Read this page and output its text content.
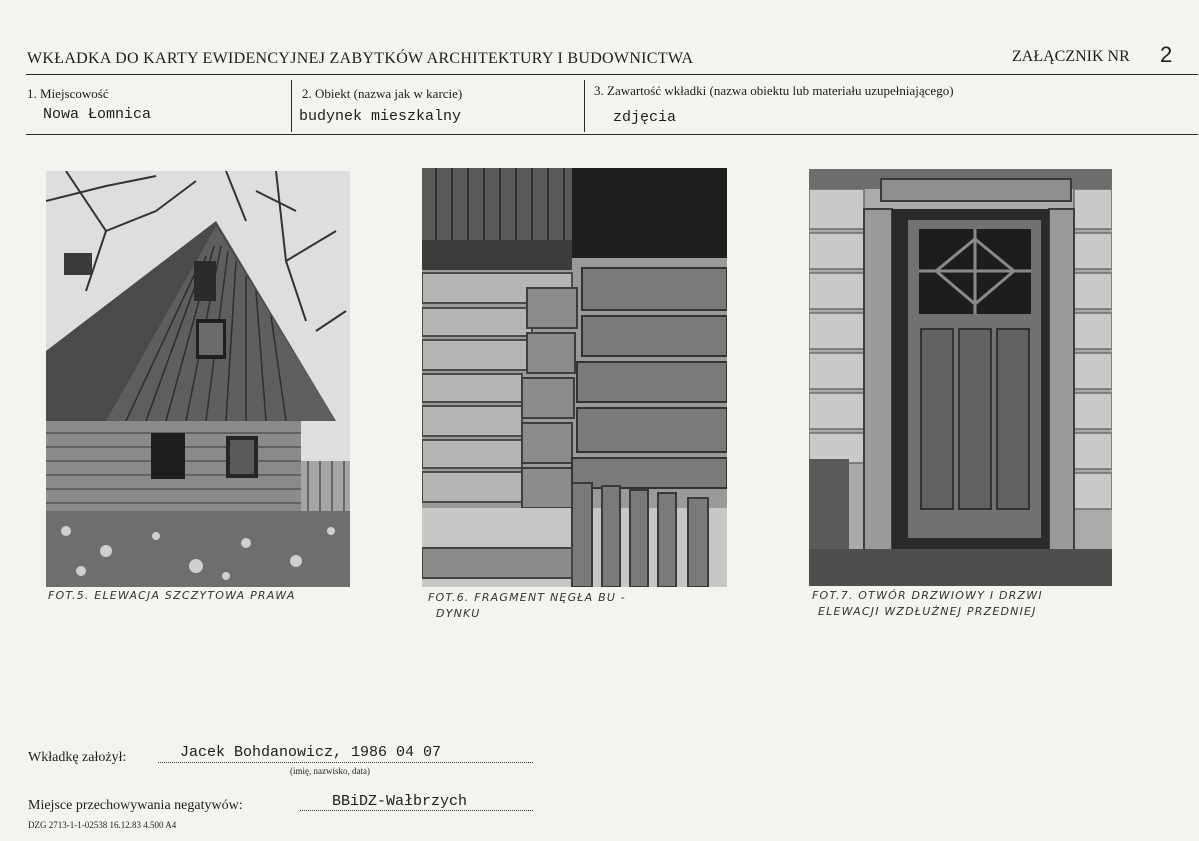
WKŁADKA DO KARTY EWIDENCYJNEJ ZABYTKÓW ARCHITEKTURY I BUDOWNICTWA	ZAŁĄCZNIK NR 2
1. Miejscowość
Nowa Łomnica
2. Obiekt (nazwa jak w karcie)
budynek mieszkalny
3. Zawartość wkładki (nazwa obiektu lub materiału uzupełniającego)
zdjęcia
FOT.5. ELEWACJA SZCZYTOWA PRAWA	FOT.6. FRAGMENT NĘGŁA BU -
DYNKU
FOT.7. OTWÓR DRZWIOWY I DRZWI
ELEWACJI WZDŁUŻNEJ PRZEDNIEJ
Wkładkę założył:	Jacek Bohdanowicz, 1986 04 07
(imię, nazwisko, data)
Miejsce przechowywania negatywów:	BBiDZ-Wałbrzych
DZG 2713-1-1-02538 16.12.83 4.500 A4
